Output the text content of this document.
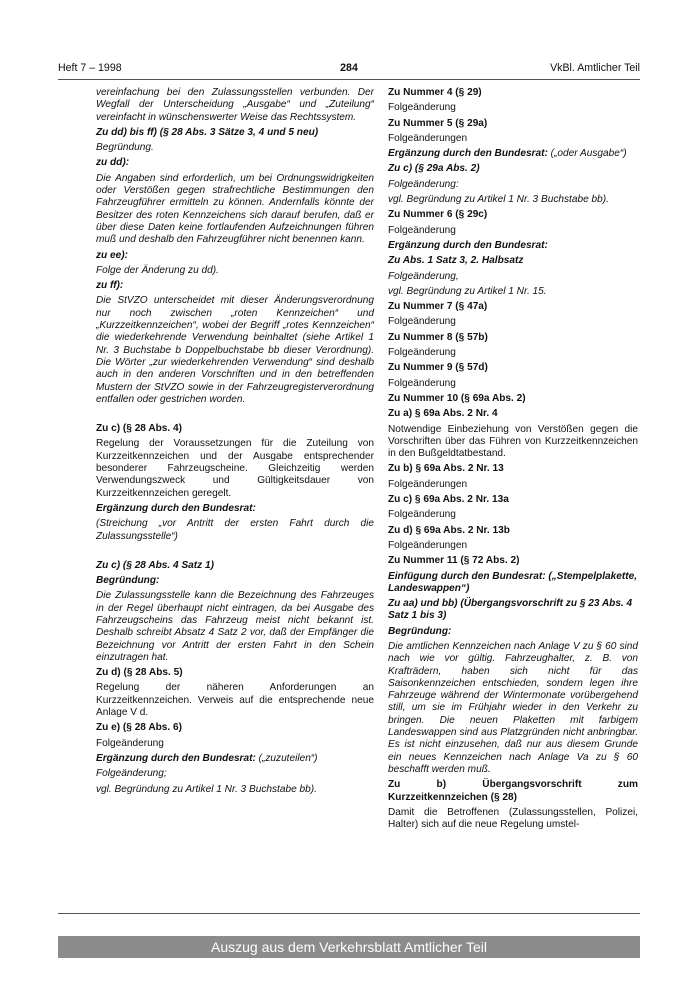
Heft 7 – 1998	284	VkBl. Amtlicher Teil

vereinfachung bei den Zulassungsstellen verbunden. Der Wegfall der Unterscheidung „Ausgabe“ und „Zuteilung“ vereinfacht in wünschenswerter Weise das Rechtssystem.

Zu dd) bis ff) (§ 28 Abs. 3 Sätze 3, 4 und 5 neu)

Begründung.

zu dd):

Die Angaben sind erforderlich, um bei Ordnungswidrigkeiten oder Verstößen gegen strafrechtliche Bestimmungen den Fahrzeugführer ermitteln zu können. Andernfalls könnte der Besitzer des roten Kennzeichens sich darauf berufen, daß er über diese Daten keine fortlaufenden Aufzeichnungen führen muß und deshalb den Fahrzeugführer nicht benennen kann.

zu ee):

Folge der Änderung zu dd).

zu ff):

Die StVZO unterscheidet mit dieser Änderungsverordnung nur noch zwischen „roten Kennzeichen“ und „Kurzzeitkennzeichen“, wobei der Begriff „rotes Kennzeichen“ die wiederkehrende Verwendung beinhaltet (siehe Artikel 1 Nr. 3 Buchstabe b Doppelbuchstabe bb dieser Verordnung). Die Wörter „zur wiederkehrenden Verwendung“ sind deshalb auch in den anderen Vorschriften und in den betreffenden Mustern der StVZO sowie in der Fahrzeugregisterverordnung entfallen oder gestrichen worden.

Zu c) (§ 28 Abs. 4)

Regelung der Voraussetzungen für die Zuteilung von Kurzzeitkennzeichen und der Ausgabe entsprechender besonderer Fahrzeugscheine. Gleichzeitig werden Verwendungszweck und Gültigkeitsdauer von Kurzzeitkennzeichen geregelt.

Ergänzung durch den Bundesrat:

(Streichung „vor Antritt der ersten Fahrt durch die Zulassungsstelle“)

Zu c) (§ 28 Abs. 4 Satz 1)

Begründung:

Die Zulassungsstelle kann die Bezeichnung des Fahrzeuges in der Regel überhaupt nicht eintragen, da bei Ausgabe des Fahrzeugscheins das Fahrzeug meist nicht bekannt ist. Deshalb schreibt Absatz 4 Satz 2 vor, daß der Empfänger die Bezeichnung vor Antritt der ersten Fahrt in den Schein einzutragen hat.

Zu d) (§ 28 Abs. 5)

Regelung der näheren Anforderungen an Kurzzeitkennzeichen. Verweis auf die entsprechende neue Anlage V d.

Zu e) (§ 28 Abs. 6)

Folgeänderung

Ergänzung durch den Bundesrat: („zuzuteilen“)

Folgeänderung;

vgl. Begründung zu Artikel 1 Nr. 3 Buchstabe bb).

Zu Nummer 4 (§ 29)

Folgeänderung

Zu Nummer 5 (§ 29a)

Folgeänderungen

Ergänzung durch den Bundesrat: („oder Ausgabe“)

Zu c) (§ 29a Abs. 2)

Folgeänderung:

vgl. Begründung zu Artikel 1 Nr. 3 Buchstabe bb).

Zu Nummer 6 (§ 29c)

Folgeänderung

Ergänzung durch den Bundesrat:

Zu Abs. 1 Satz 3, 2. Halbsatz

Folgeänderung,

vgl. Begründung zu Artikel 1 Nr. 15.

Zu Nummer 7 (§ 47a)

Folgeänderung

Zu Nummer 8 (§ 57b)

Folgeänderung

Zu Nummer 9 (§ 57d)

Folgeänderung

Zu Nummer 10 (§ 69a Abs. 2)

Zu a) § 69a Abs. 2 Nr. 4

Notwendige Einbeziehung von Verstößen gegen die Vorschriften über das Führen von Kurzzeitkennzeichen in den Bußgeldtatbestand.

Zu b) § 69a Abs. 2 Nr. 13

Folgeänderungen

Zu c) § 69a Abs. 2 Nr. 13a

Folgeänderung

Zu d) § 69a Abs. 2 Nr. 13b

Folgeänderungen

Zu Nummer 11 (§ 72 Abs. 2)

Einfügung durch den Bundesrat: („Stempelplakette, Landeswappen“)

Zu aa) und bb) (Übergangsvorschrift zu § 23 Abs. 4 Satz 1 bis 3)

Begründung:

Die amtlichen Kennzeichen nach Anlage V zu § 60 sind nach wie vor gültig. Fahrzeughalter, z. B. von Krafträdern, haben sich nicht für das Saisonkennzeichen entschieden, sondern legen ihre Fahrzeuge während der Wintermonate vorübergehend still, um sie im Frühjahr wieder in den Verkehr zu bringen. Die neuen Plaketten mit farbigem Landeswappen sind aus Platzgründen nicht anbringbar. Es ist nicht einzusehen, daß nur aus diesem Grunde ein neues Kennzeichen nach Anlage Va zu § 60 beschafft werden muß.

Zu b) Übergangsvorschrift zum Kurzzeitkennzeichen (§ 28)

Damit die Betroffenen (Zulassungsstellen, Polizei, Halter) sich auf die neue Regelung umstel-

Auszug aus dem Verkehrsblatt Amtlicher Teil
